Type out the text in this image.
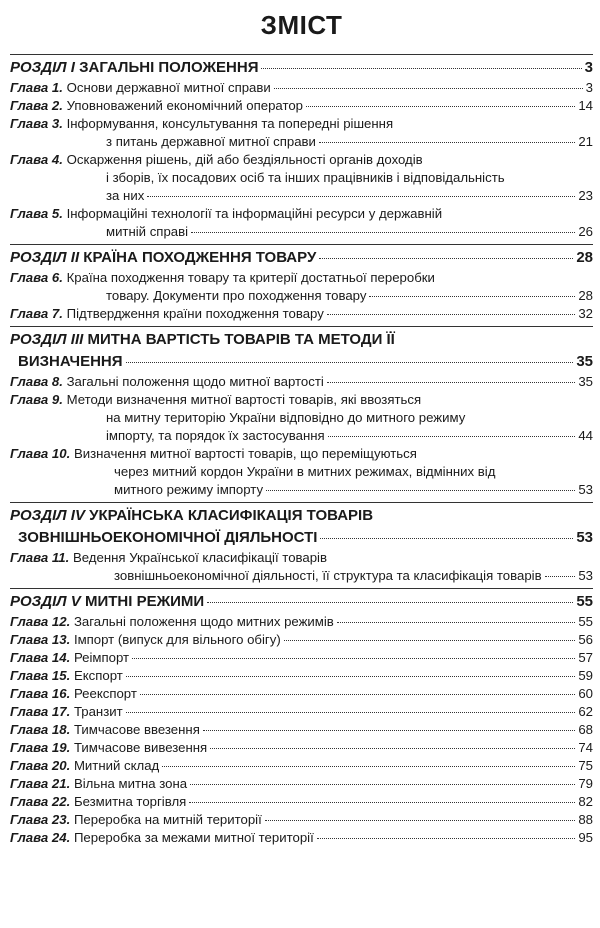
ЗМІСТ
РОЗДІЛ I ЗАГАЛЬНІ ПОЛОЖЕННЯ	3
Глава 1. Основи державної митної справи	3
Глава 2. Уповноважений економічний оператор	14
Глава 3. Інформування, консультування та попередні рішення
з питань державної митної справи	21
Глава 4. Оскарження рішень, дій або бездіяльності органів доходів
і зборів, їх посадових осіб та інших працівників і відповідальність
за них	23
Глава 5. Інформаційні технології та інформаційні ресурси у державній
митній справі	26
РОЗДІЛ II КРАЇНА ПОХОДЖЕННЯ ТОВАРУ	28
Глава 6. Країна походження товару та критерії достатньої переробки
товару. Документи про походження товару	28
Глава 7. Підтвердження країни походження товару	32
РОЗДІЛ III МИТНА ВАРТІСТЬ ТОВАРІВ ТА МЕТОДИ ЇЇ
ВИЗНАЧЕННЯ	35
Глава 8. Загальні положення щодо митної вартості	35
Глава 9. Методи визначення митної вартості товарів, які ввозяться
на митну територію України відповідно до митного режиму
імпорту, та порядок їх застосування	44
Глава 10. Визначення митної вартості товарів, що переміщуються
через митний кордон України в митних режимах, відмінних від
митного режиму імпорту	53
РОЗДІЛ IV УКРАЇНСЬКА КЛАСИФІКАЦІЯ ТОВАРІВ
ЗОВНІШНЬОЕКОНОМІЧНОЇ ДІЯЛЬНОСТІ	53
Глава 11. Ведення Української класифікації товарів
зовнішньоекономічної діяльності, її структура та класифікація товарів	53
РОЗДІЛ V МИТНІ РЕЖИМИ	55
Глава 12. Загальні положення щодо митних режимів	55
Глава 13. Імпорт (випуск для вільного обігу)	56
Глава 14. Реімпорт	57
Глава 15. Експорт	59
Глава 16. Реекспорт	60
Глава 17. Транзит	62
Глава 18. Тимчасове ввезення	68
Глава 19. Тимчасове вивезення	74
Глава 20. Митний склад	75
Глава 21. Вільна митна зона	79
Глава 22. Безмитна торгівля	82
Глава 23. Переробка на митній території	88
Глава 24. Переробка за межами митної території	95
